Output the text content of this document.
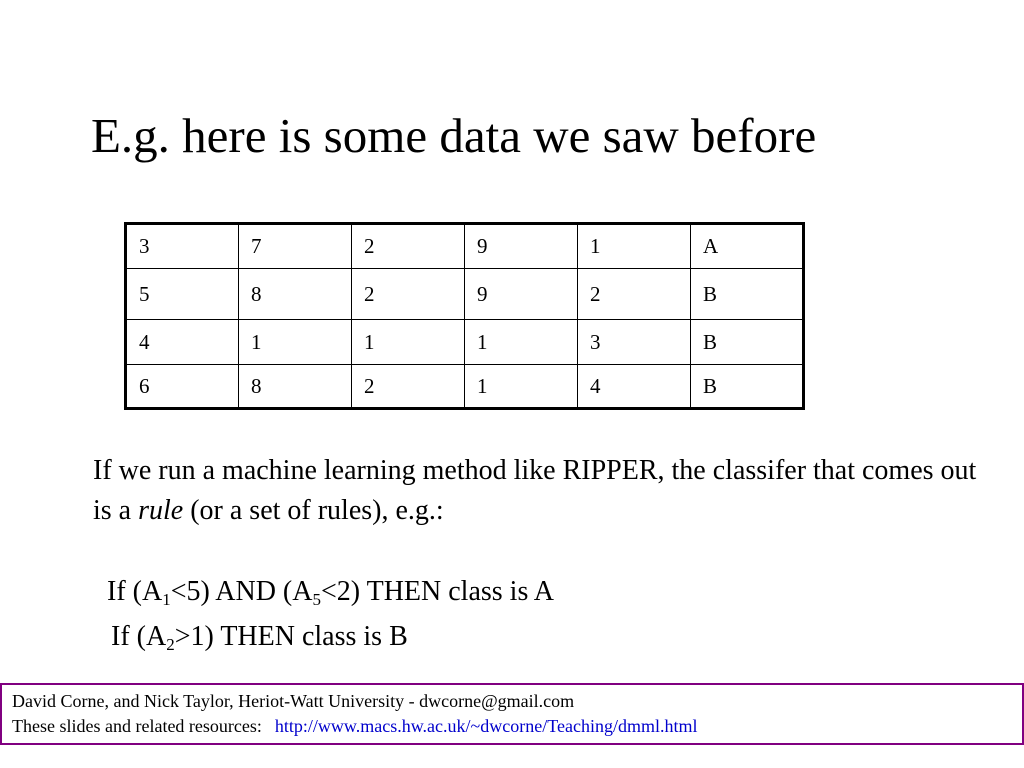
E.g. here is some data we saw before
3	7	2	9	1	A
5	8	2	9	2	B
4	1	1	1	3	B
6	8	2	1	4	B
If we run a machine learning method like RIPPER, the classifer that comes out is a rule (or a set of rules), e.g.:
If $(A_1<5)$ AND $(A_5<2)$ THEN class is A
If $(A_2>1)$ THEN class is B
David Corne, and Nick Taylor, Heriot-Watt University - dwcorne@gmail.com
These slides and related resources: http://www.macs.hw.ac.uk/~dwcorne/Teaching/dmml.html
